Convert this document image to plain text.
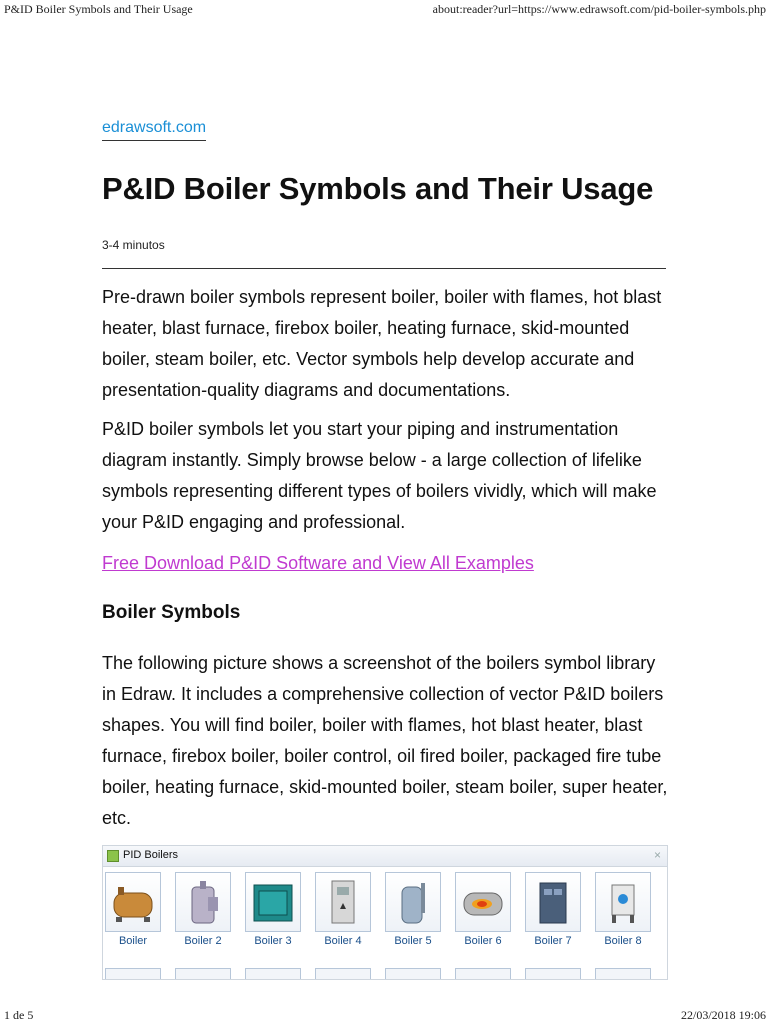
P&ID Boiler Symbols and Their Usage	about:reader?url=https://www.edrawsoft.com/pid-boiler-symbols.php
edrawsoft.com
P&ID Boiler Symbols and Their Usage
3-4 minutos

Pre-drawn boiler symbols represent boiler, boiler with flames, hot blast heater, blast furnace, firebox boiler, heating furnace, skid-mounted boiler, steam boiler, etc. Vector symbols help develop accurate and presentation-quality diagrams and documentations.

P&ID boiler symbols let you start your piping and instrumentation diagram instantly. Simply browse below - a large collection of lifelike symbols representing different types of boilers vividly, which will make your P&ID engaging and professional.

Free Download P&ID Software and View All Examples

Boiler Symbols

The following picture shows a screenshot of the boilers symbol library in Edraw. It includes a comprehensive collection of vector P&ID boilers shapes. You will find boiler, boiler with flames, hot blast heater, blast furnace, firebox boiler, boiler control, oil fired boiler, packaged fire tube boiler, heating furnace, skid-mounted boiler, steam boiler, super heater, etc.

PID Boilers	×
Boiler	Boiler 2	Boiler 3	Boiler 4	Boiler 5	Boiler 6	Boiler 7	Boiler 8
1 de 5	22/03/2018 19:06
